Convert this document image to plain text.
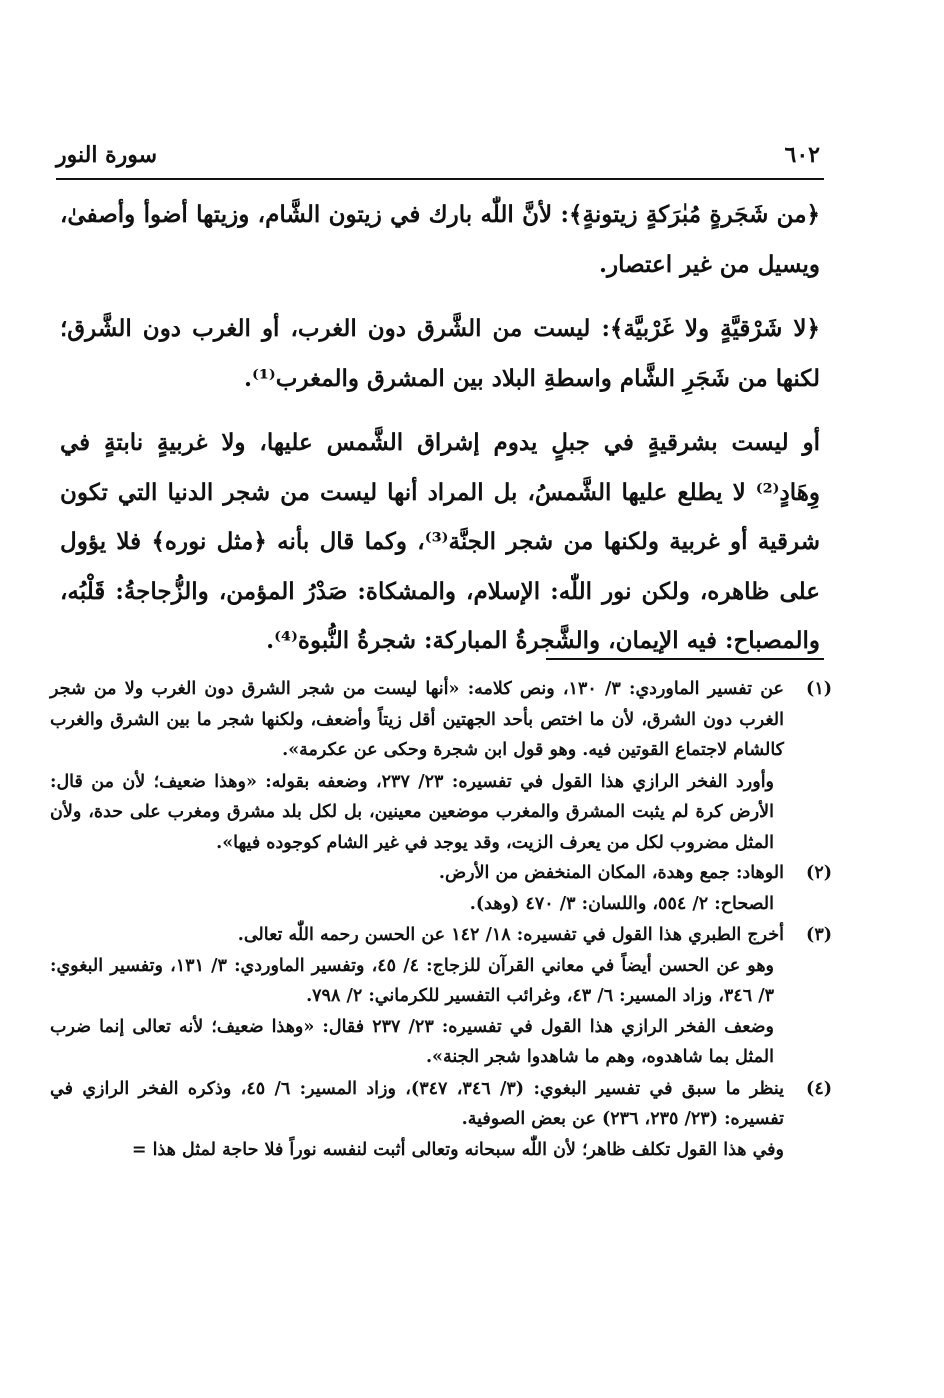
٦٠٢
سورة النور

﴿من شَجَرةٍ مُبٰرَكةٍ زيتونةٍ﴾: لأنَّ اللّٰه بارك في زيتون الشَّام، وزيتها أضوأ وأصفىٰ، ويسيل من غير اعتصار.

﴿لا شَرْقيَّةٍ ولا غَرْبيَّة﴾: ليست من الشَّرق دون الغرب، أو الغرب دون الشَّرق؛ لكنها من شَجَرِ الشَّام واسطةِ البلاد بين المشرق والمغرب⁽¹⁾.

أو ليست بشرقيةٍ في جبلٍ يدوم إشراق الشَّمس عليها، ولا غربيةٍ نابتةٍ في وِهَادٍ⁽²⁾ لا يطلع عليها الشَّمسُ، بل المراد أنها ليست من شجر الدنيا التي تكون شرقية أو غربية ولكنها من شجر الجنَّة⁽³⁾، وكما قال بأنه ﴿مثل نوره﴾ فلا يؤول على ظاهره، ولكن نور اللّٰه: الإسلام، والمشكاة: صَدْرُ المؤمن، والزُّجاجةُ: قَلْبُه، والمصباح: فيه الإيمان، والشَّجرةُ المباركة: شجرةُ النُّبوة⁽⁴⁾.

(١)
عن تفسير الماوردي: ٣/ ١٣٠، ونص كلامه: «أنها ليست من شجر الشرق دون الغرب ولا من شجر الغرب دون الشرق، لأن ما اختص بأحد الجهتين أقل زيتاً وأضعف، ولكنها شجر ما بين الشرق والغرب كالشام لاجتماع القوتين فيه. وهو قول ابن شجرة وحكى عن عكرمة».
وأورد الفخر الرازي هذا القول في تفسيره: ٢٣/ ٢٣٧، وضعفه بقوله: «وهذا ضعيف؛ لأن من قال: الأرض كرة لم يثبت المشرق والمغرب موضعين معينين، بل لكل بلد مشرق ومغرب على حدة، ولأن المثل مضروب لكل من يعرف الزيت، وقد يوجد في غير الشام كوجوده فيها».
(٢)
الوهاد: جمع وهدة، المكان المنخفض من الأرض.
الصحاح: ٢/ ٥٥٤، واللسان: ٣/ ٤٧٠ (وهد).
(٣)
أخرج الطبري هذا القول في تفسيره: ١٨/ ١٤٢ عن الحسن رحمه اللّٰه تعالى.
وهو عن الحسن أيضاً في معاني القرآن للزجاج: ٤/ ٤٥، وتفسير الماوردي: ٣/ ١٣١، وتفسير البغوي: ٣/ ٣٤٦، وزاد المسير: ٦/ ٤٣، وغرائب التفسير للكرماني: ٢/ ٧٩٨.
وضعف الفخر الرازي هذا القول في تفسيره: ٢٣/ ٢٣٧ فقال: «وهذا ضعيف؛ لأنه تعالى إنما ضرب المثل بما شاهدوه، وهم ما شاهدوا شجر الجنة».
(٤)
ينظر ما سبق في تفسير البغوي: (٣/ ٣٤٦، ٣٤٧)، وزاد المسير: ٦/ ٤٥، وذكره الفخر الرازي في تفسيره: (٢٣/ ٢٣٥، ٢٣٦) عن بعض الصوفية.
وفي هذا القول تكلف ظاهر؛ لأن اللّٰه سبحانه وتعالى أثبت لنفسه نوراً فلا حاجة لمثل هذا =
